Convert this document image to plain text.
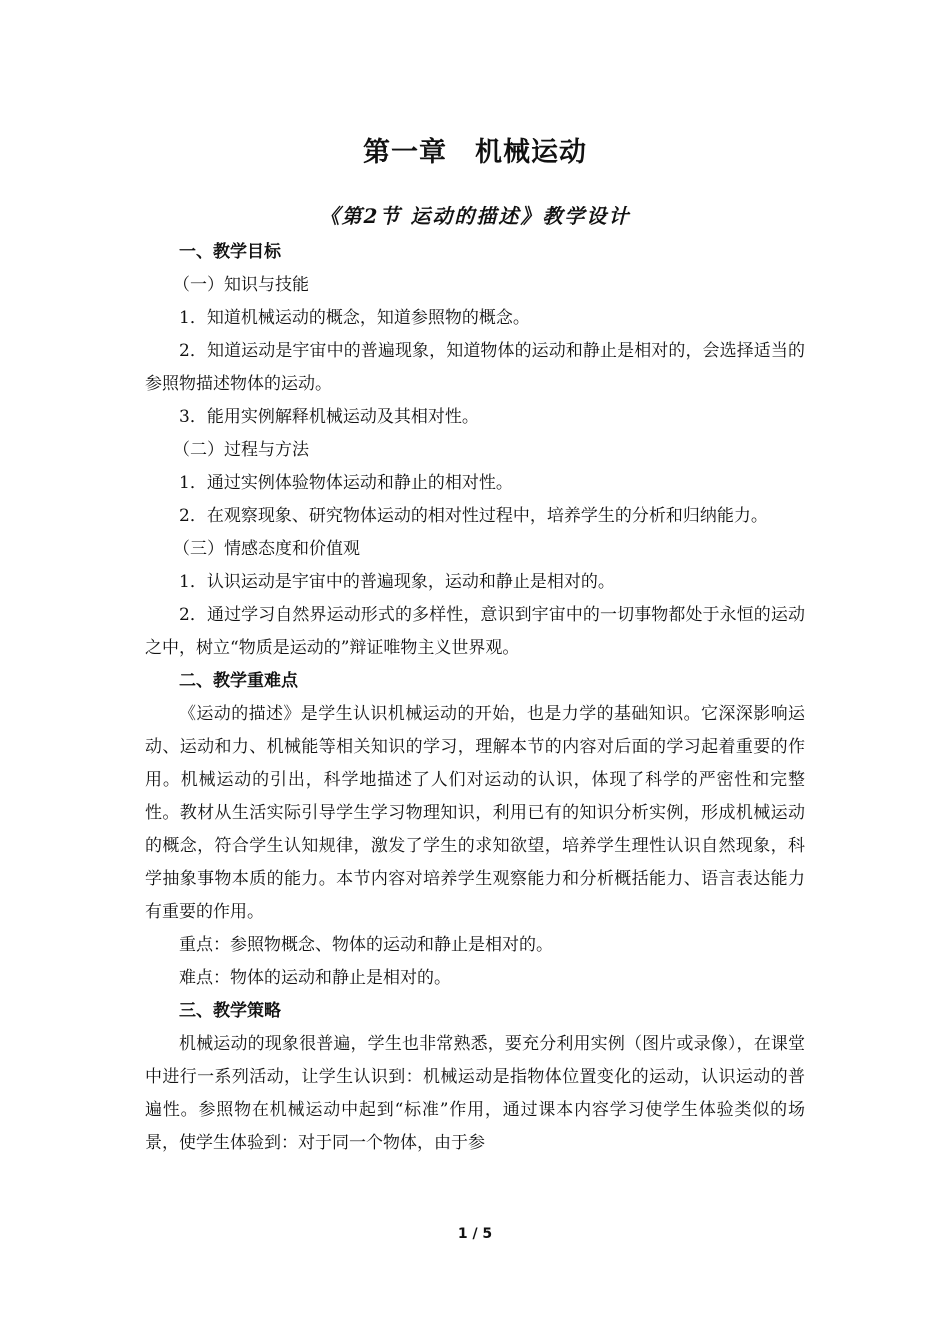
第一章　机械运动
《第2节 运动的描述》教学设计

一、教学目标

（一）知识与技能

1．知道机械运动的概念，知道参照物的概念。

2．知道运动是宇宙中的普遍现象，知道物体的运动和静止是相对的，会选择适当的参照物描述物体的运动。

3．能用实例解释机械运动及其相对性。

（二）过程与方法

1．通过实例体验物体运动和静止的相对性。

2．在观察现象、研究物体运动的相对性过程中，培养学生的分析和归纳能力。

（三）情感态度和价值观

1．认识运动是宇宙中的普遍现象，运动和静止是相对的。

2．通过学习自然界运动形式的多样性，意识到宇宙中的一切事物都处于永恒的运动之中，树立“物质是运动的”辩证唯物主义世界观。

二、教学重难点

《运动的描述》是学生认识机械运动的开始，也是力学的基础知识。它深深影响运动、运动和力、机械能等相关知识的学习，理解本节的内容对后面的学习起着重要的作用。机械运动的引出，科学地描述了人们对运动的认识，体现了科学的严密性和完整性。教材从生活实际引导学生学习物理知识，利用已有的知识分析实例，形成机械运动的概念，符合学生认知规律，激发了学生的求知欲望，培养学生理性认识自然现象，科学抽象事物本质的能力。本节内容对培养学生观察能力和分析概括能力、语言表达能力有重要的作用。

重点：参照物概念、物体的运动和静止是相对的。

难点：物体的运动和静止是相对的。

三、教学策略

机械运动的现象很普遍，学生也非常熟悉，要充分利用实例（图片或录像），在课堂中进行一系列活动，让学生认识到：机械运动是指物体位置变化的运动，认识运动的普遍性。参照物在机械运动中起到“标准”作用，通过课本内容学习使学生体验类似的场景，使学生体验到：对于同一个物体，由于参

1 / 5
